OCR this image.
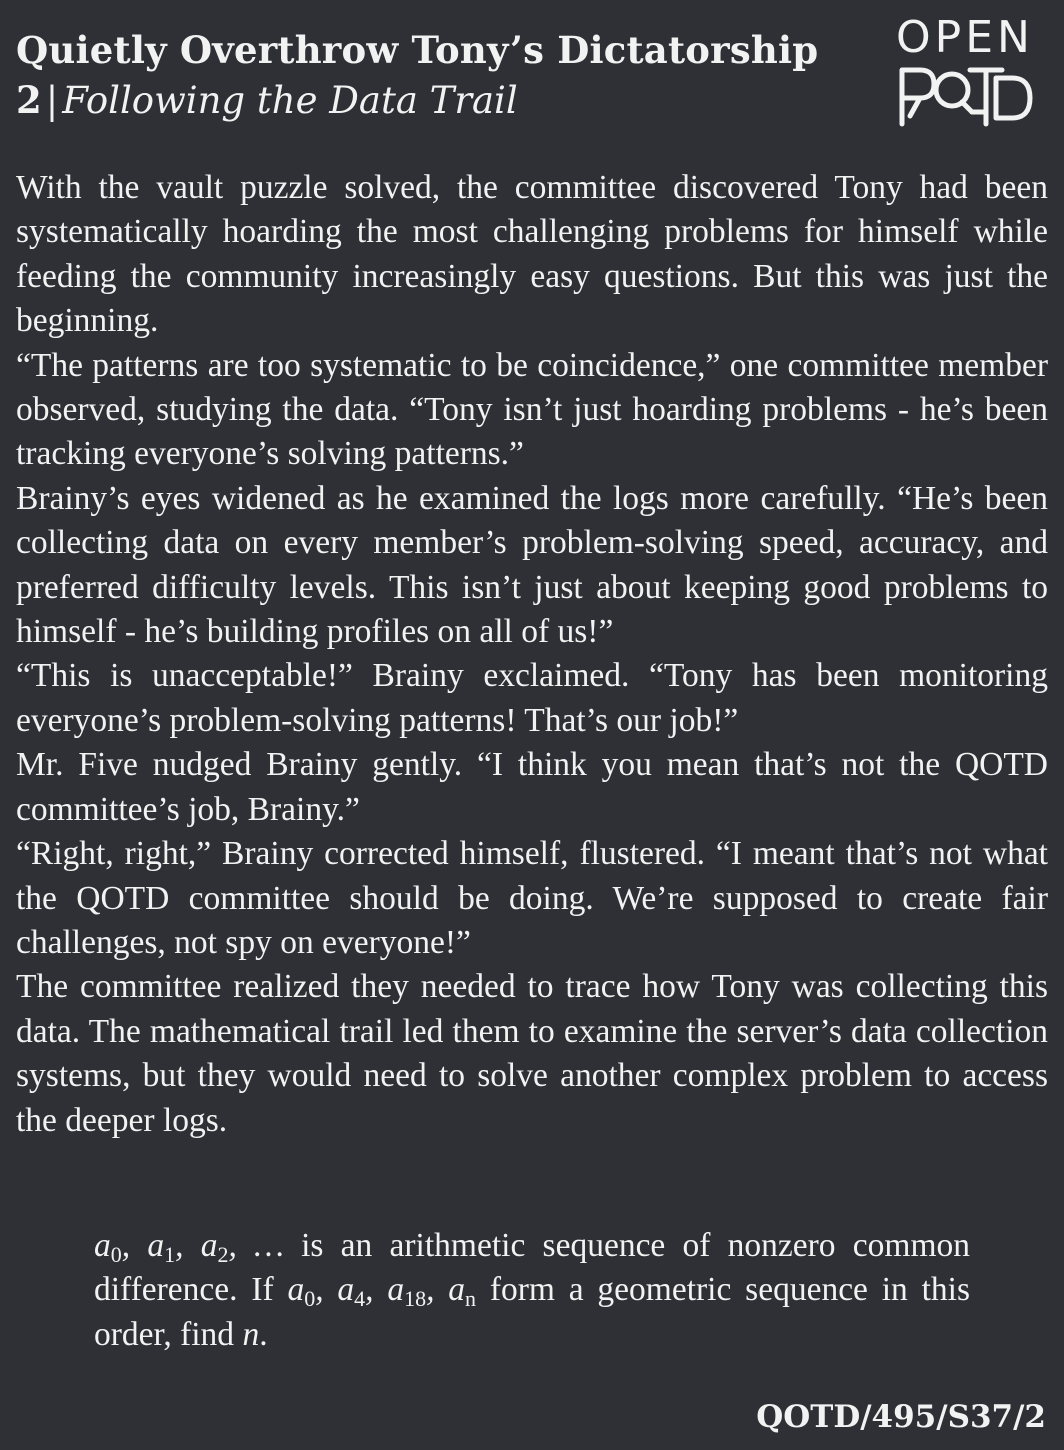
Quietly Overthrow Tony’s Dictatorship
2 | Following the Data Trail
OPEN
QOTD

With the vault puzzle solved, the committee discovered Tony had been systematically hoarding the most challenging problems for himself while feeding the community increasingly easy questions. But this was just the beginning.

“The patterns are too systematic to be coincidence,” one committee member observed, studying the data. “Tony isn’t just hoarding problems - he’s been tracking everyone’s solving patterns.”

Brainy’s eyes widened as he examined the logs more carefully. “He’s been collecting data on every member’s problem-solving speed, accuracy, and preferred difficulty levels. This isn’t just about keeping good problems to himself - he’s building profiles on all of us!”

“This is unacceptable!” Brainy exclaimed. “Tony has been monitoring everyone’s problem-solving patterns! That’s our job!”

Mr. Five nudged Brainy gently. “I think you mean that’s not the QOTD committee’s job, Brainy.”

“Right, right,” Brainy corrected himself, flustered. “I meant that’s not what the QOTD committee should be doing. We’re supposed to create fair challenges, not spy on everyone!”

The committee realized they needed to trace how Tony was collecting this data. The mathematical trail led them to examine the server’s data collection systems, but they would need to solve another complex problem to access the deeper logs.

$a_0$, $a_1$, $a_2$, … is an arithmetic sequence of nonzero common difference. If $a_0$, $a_4$, $a_{18}$, $a_n$ form a geometric sequence in this order, find n.
QOTD/495/S37/2
